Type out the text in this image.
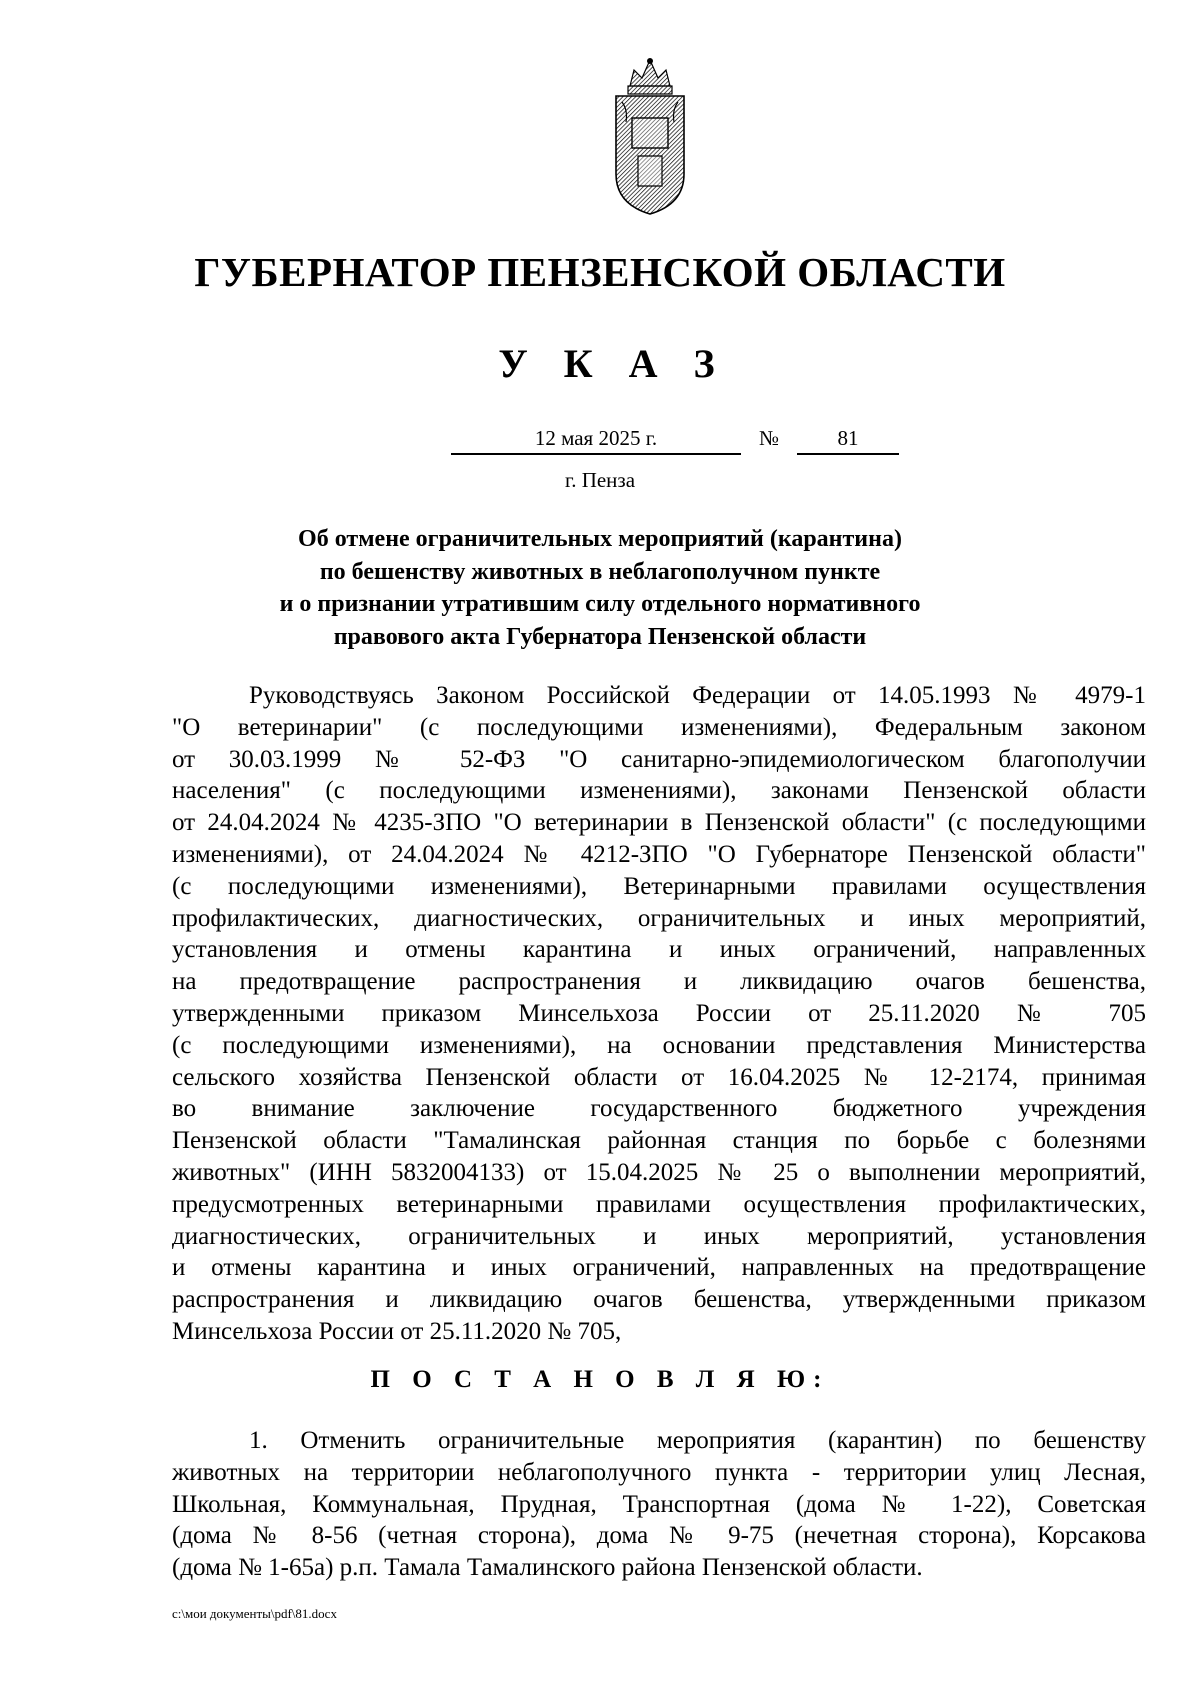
ГУБЕРНАТОР ПЕНЗЕНСКОЙ ОБЛАСТИ
У К А З
12 мая 2025 г.	№	81
г. Пенза
Об отмене ограничительных мероприятий (карантина)
по бешенству животных в неблагополучном пункте
и о признании утратившим силу отдельного нормативного
правового акта Губернатора Пензенской области
Руководствуясь Законом Российской Федерации от 14.05.1993 № 4979-1
"О ветеринарии" (с последующими изменениями), Федеральным законом
от 30.03.1999 № 52-ФЗ "О санитарно-эпидемиологическом благополучии
населения" (с последующими изменениями), законами Пензенской области
от 24.04.2024 № 4235-ЗПО "О ветеринарии в Пензенской области" (с последующими
изменениями), от 24.04.2024 № 4212-ЗПО "О Губернаторе Пензенской области"
(с последующими изменениями), Ветеринарными правилами осуществления
профилактических, диагностических, ограничительных и иных мероприятий,
установления и отмены карантина и иных ограничений, направленных
на предотвращение распространения и ликвидацию очагов бешенства,
утвержденными приказом Минсельхоза России от 25.11.2020 № 705
(с последующими изменениями), на основании представления Министерства
сельского хозяйства Пензенской области от 16.04.2025 № 12-2174, принимая
во внимание заключение государственного бюджетного учреждения
Пензенской области "Тамалинская районная станция по борьбе с болезнями
животных" (ИНН 5832004133) от 15.04.2025 № 25 о выполнении мероприятий,
предусмотренных ветеринарными правилами осуществления профилактических,
диагностических, ограничительных и иных мероприятий, установления
и отмены карантина и иных ограничений, направленных на предотвращение
распространения и ликвидацию очагов бешенства, утвержденными приказом
Минсельхоза России от 25.11.2020 № 705,
П О С Т А Н О В Л Я Ю:
1. Отменить ограничительные мероприятия (карантин) по бешенству
животных на территории неблагополучного пункта - территории улиц Лесная,
Школьная, Коммунальная, Прудная, Транспортная (дома № 1-22), Советская
(дома № 8-56 (четная сторона), дома № 9-75 (нечетная сторона), Корсакова
(дома № 1-65а) р.п. Тамала Тамалинского района Пензенской области.
c:\мои документы\pdf\81.docx
